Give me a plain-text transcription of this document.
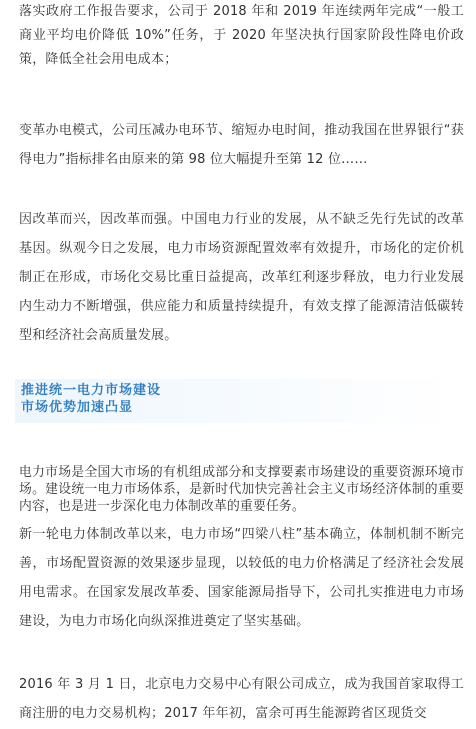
落实政府工作报告要求，公司于 2018 年和 2019 年连续两年完成“一般工商业平均电价降低 10%”任务，于 2020 年坚决执行国家阶段性降电价政策，降低全社会用电成本；

变革办电模式，公司压减办电环节、缩短办电时间，推动我国在世界银行“获得电力”指标排名由原来的第 98 位大幅提升至第 12 位……

因改革而兴，因改革而强。中国电力行业的发展，从不缺乏先行先试的改革基因。纵观今日之发展，电力市场资源配置效率有效提升，市场化的定价机制正在形成，市场化交易比重日益提高，改革红利逐步释放，电力行业发展内生动力不断增强，供应能力和质量持续提升，有效支撑了能源清洁低碳转型和经济社会高质量发展。

推进统一电力市场建设
市场优势加速凸显

电力市场是全国大市场的有机组成部分和支撑要素市场建设的重要资源环境市场。建设统一电力市场体系，是新时代加快完善社会主义市场经济体制的重要内容，也是进一步深化电力体制改革的重要任务。

新一轮电力体制改革以来，电力市场“四梁八柱”基本确立，体制机制不断完善，市场配置资源的效果逐步显现，以较低的电力价格满足了经济社会发展用电需求。在国家发展改革委、国家能源局指导下，公司扎实推进电力市场建设，为电力市场化向纵深推进奠定了坚实基础。

2016 年 3 月 1 日，北京电力交易中心有限公司成立，成为我国首家取得工商注册的电力交易机构；2017 年年初，富余可再生能源跨省区现货交
